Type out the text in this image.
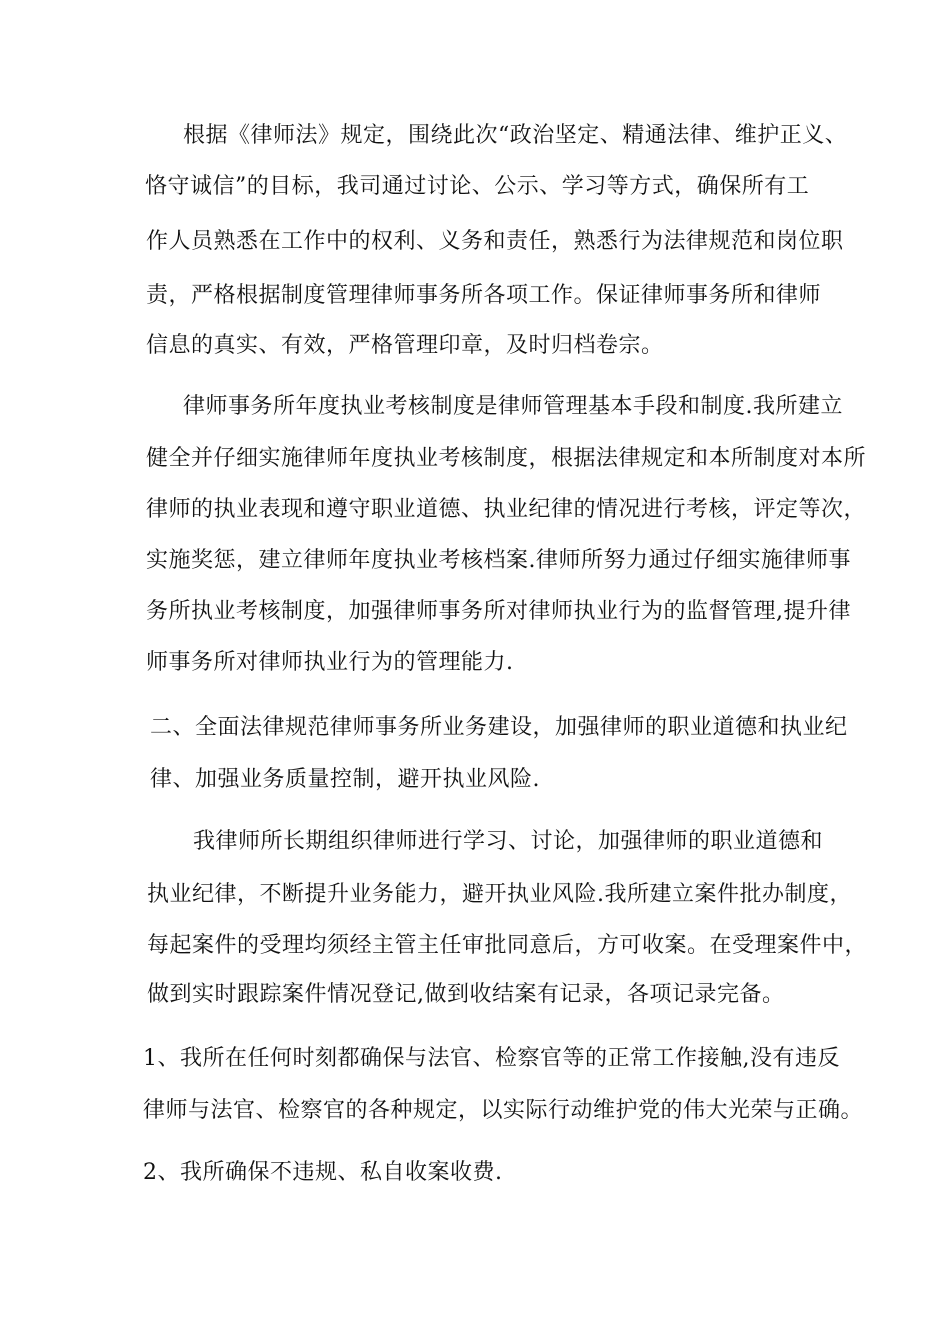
根据《律师法》规定，围绕此次“政治坚定、精通法律、维护正义、
恪守诚信”的目标，我司通过讨论、公示、学习等方式，确保所有工
作人员熟悉在工作中的权利、义务和责任，熟悉行为法律规范和岗位职
责，严格根据制度管理律师事务所各项工作。保证律师事务所和律师
信息的真实、有效，严格管理印章，及时归档卷宗。
律师事务所年度执业考核制度是律师管理基本手段和制度.我所建立
健全并仔细实施律师年度执业考核制度，根据法律规定和本所制度对本所
律师的执业表现和遵守职业道德、执业纪律的情况进行考核，评定等次，
实施奖惩，建立律师年度执业考核档案.律师所努力通过仔细实施律师事
务所执业考核制度，加强律师事务所对律师执业行为的监督管理,提升律
师事务所对律师执业行为的管理能力.
二、全面法律规范律师事务所业务建设，加强律师的职业道德和执业纪
律、加强业务质量控制，避开执业风险.
我律师所长期组织律师进行学习、讨论，加强律师的职业道德和
执业纪律，不断提升业务能力，避开执业风险.我所建立案件批办制度，
每起案件的受理均须经主管主任审批同意后，方可收案。在受理案件中，
做到实时跟踪案件情况登记,做到收结案有记录，各项记录完备。
1、我所在任何时刻都确保与法官、检察官等的正常工作接触,没有违反
律师与法官、检察官的各种规定，以实际行动维护党的伟大光荣与正确。
2、我所确保不违规、私自收案收费.
